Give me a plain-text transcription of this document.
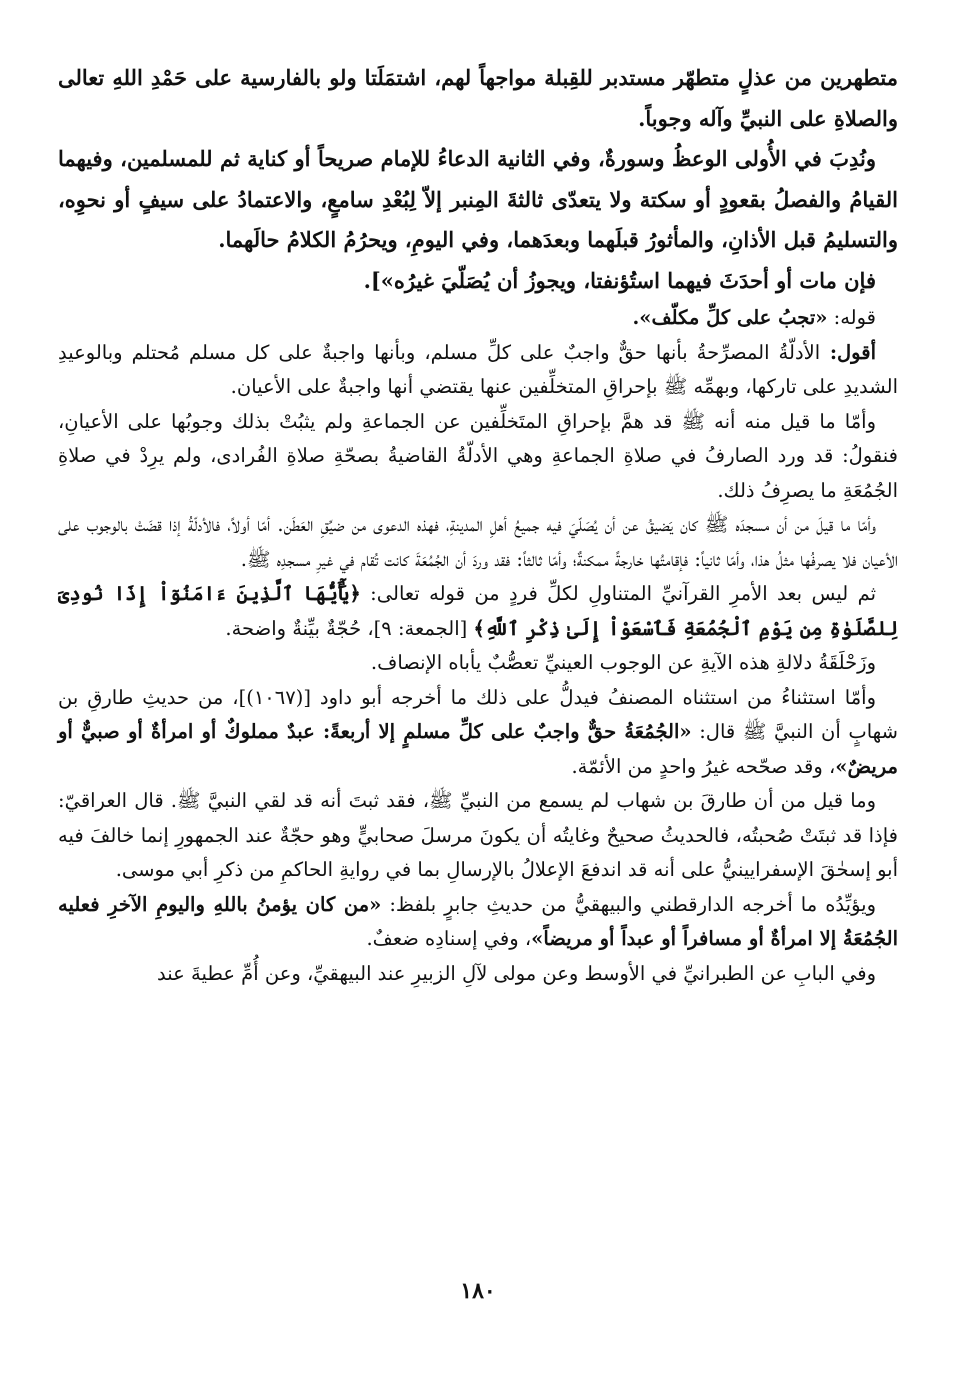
متطهرين من عذلٍ متطهّر مستدبر للقِبلة مواجهاً لهم، اشتمَلَتا ولو بالفارسية على حَمْدِ اللهِ تعالى والصلاةِ على النبيِّ وآله وجوباً.

ونُدِبَ في الأُولى الوعظُ وسورةٌ، وفي الثانية الدعاءُ للإمام صريحاً أو كناية ثم للمسلمين، وفيهما القيامُ والفصلُ بقعودٍ أو سكتة ولا يتعدّى ثالثةَ المِنبر إلاّ لِبُعْدِ سامعٍ، والاعتمادُ على سيفٍ أو نحوِه، والتسليمُ قبل الأذانِ، والمأثورُ قبلَهما وبعدَهما، وفي اليومِ، ويحرُمُ الكلامُ حالَهما.

فإن مات أو أحدَثَ فيهما استُؤنفتا، ويجوزُ أن يُصَلّيَ غيرُه»].

قوله: «تجبُ على كلِّ مكلّف».

أقول: الأدلّةُ المصرِّحةُ بأنها حقٌّ واجبٌ على كلِّ مسلم، وبأنها واجبةٌ على كل مسلم مُحتلم وبالوعيدِ الشديدِ على تاركها، وبهمِّه ﷺ بإحراقِ المتخلِّفين عنها يقتضي أنها واجبةٌ على الأعيان.

وأمّا ما قيل منه أنه ﷺ قد همَّ بإحراقِ المتَخلِّفين عن الجماعةِ ولم يثبُتْ بذلك وجوبُها على الأعيانِ، فنقولُ: قد ورد الصارفُ في صلاةِ الجماعةِ وهي الأدلّةُ القاضيةُ بصحّةِ صلاةِ الفُرادى، ولم يرِدْ في صلاةِ الجُمُعَةِ ما يصرِفُ ذلك.

وأمّا ما قيلَ من أن مسجدَه ﷺ كان يَضيقُ عن أن يُصَلّيَ فيه جميعُ أهلِ المدينةِ، فهذه الدعوى من ضيِّقِ العَطَن. أمّا أولاً، فالأدلّةُ إذا قضَتْ بالوجوب على الأعيان فلا يصرفُها مثلُ هذا، وأمّا ثانياً: فإقامتُها خارجةً ممكنةٌ؛ وأمّا ثالثاً: فقد وردَ أن الجُمُعَةَ كانت تُقام في غيرِ مسجدِه ﷺ.

ثم ليس بعد الأمرِ القرآنيِّ المتناولِ لكلِّ فردٍ من قوله تعالى: ﴿يَٰٓأَيُّهَا ٱلَّذِينَ ءَامَنُوٓاْ إِذَا نُودِىَ لِلصَّلَوٰةِ مِن يَوْمِ ٱلْجُمُعَةِ فَٱسْعَوْاْ إِلَىٰ ذِكْرِ ٱللَّهِ﴾ [الجمعة: ٩]، حُجّةٌ بيِّنةٌ واضحة.

وزَحْلَقَةُ دلالةِ هذه الآيةِ عن الوجوب العينيِّ تعصُّبٌ يأباه الإنصاف.

وأمّا استثناءُ من استثناه المصنفُ فيدلُّ على ذلك ما أخرجه أبو داود [(١٠٦٧)]، من حديثِ طارقِ بن شهابٍ أن النبيَّ ﷺ قال: «الجُمُعَةُ حقٌّ واجبٌ على كلِّ مسلمٍ إلا أربعةً: عبدٌ مملوكٌ أو امرأةٌ أو صبيٌّ أو مريضٌ»، وقد صحّحه غيرُ واحدٍ من الأئمّة.

وما قيل من أن طارقَ بن شهاب لم يسمع من النبيِّ ﷺ، فقد ثبتَ أنه قد لقي النبيَّ ﷺ. قال العراقيّ: فإذا قد ثبتَتْ صُحبتُه، فالحديثُ صحيحٌ وغايتُه أن يكونَ مرسلَ صحابيٍّ وهو حجّةٌ عند الجمهورِ إنما خالفَ فيه أبو إسحٰقَ الإسفرايينيُّ على أنه قد اندفعَ الإعلالُ بالإرسالِ بما في روايةِ الحاكمِ من ذكرِ أبي موسى.

ويؤيِّدُه ما أخرجه الدارقطني والبيهقيُّ من حديثِ جابرٍ بلفظ: «من كان يؤمنُ باللهِ واليومِ الآخرِ فعليه الجُمُعَةُ إلا امرأةٌ أو مسافراً أو عبداً أو مريضاً»، وفي إسنادِه ضعفٌ.

وفي البابِ عن الطبرانيِّ في الأوسط وعن مولى لآلِ الزبيرِ عند البيهقيِّ، وعن أُمِّ عطيةَ عند

١٨٠
